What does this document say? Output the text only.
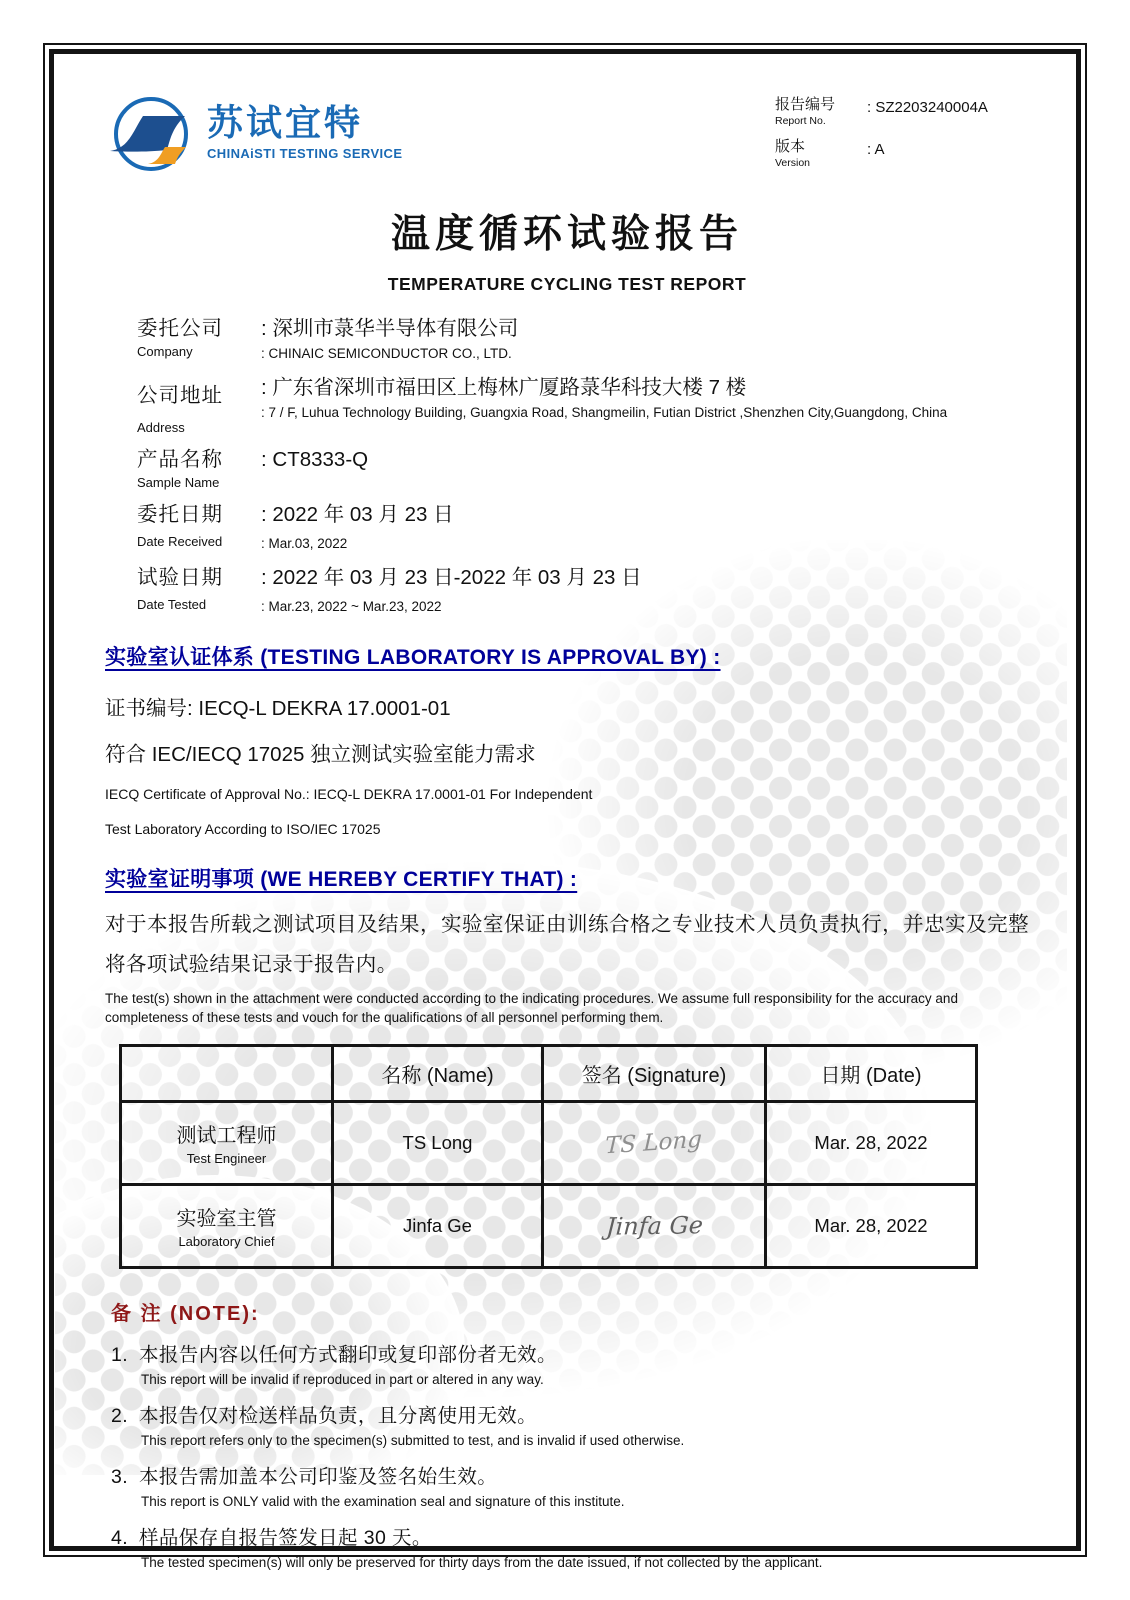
苏试宜特
CHINAiSTI TESTING SERVICE
报告编号
Report No.
: SZ2203240004A
版本
Version
: A
温度循环试验报告
TEMPERATURE CYCLING TEST REPORT
委托公司
Company
: 深圳市菉华半导体有限公司
: CHINAIC SEMICONDUCTOR CO., LTD.
公司地址
Address
: 广东省深圳市福田区上梅林广厦路菉华科技大楼 7 楼
: 7 / F, Luhua Technology Building, Guangxia Road, Shangmeilin, Futian District ,Shenzhen City,Guangdong, China
产品名称
Sample Name
: CT8333-Q
委托日期
Date Received
: 2022 年 03 月 23 日
: Mar.03, 2022
试验日期
Date Tested
: 2022 年 03 月 23 日-2022 年 03 月 23 日
: Mar.23, 2022 ~ Mar.23, 2022
实验室认证体系 (TESTING LABORATORY IS APPROVAL BY) :
证书编号: IECQ-L DEKRA 17.0001-01
符合 IEC/IECQ 17025 独立测试实验室能力需求
IECQ Certificate of Approval No.: IECQ-L DEKRA 17.0001-01 For Independent
Test Laboratory According to ISO/IEC 17025
实验室证明事项 (WE HEREBY CERTIFY THAT) :
对于本报告所载之测试项目及结果，实验室保证由训练合格之专业技术人员负责执行，并忠实及完整将各项试验结果记录于报告内。
The test(s) shown in the attachment were conducted according to the indicating procedures. We assume full responsibility for the accuracy and completeness of these tests and vouch for the qualifications of all personnel performing them.
	名称 (Name)	签名 (Signature)	日期 (Date)

测试工程师
Test Engineer	TS Long	TS Long	Mar. 28, 2022

实验室主管
Laboratory Chief	Jinfa Ge	Jinfa Ge	Mar. 28, 2022
备 注 (NOTE):
1. 本报告内容以任何方式翻印或复印部份者无效。
This report will be invalid if reproduced in part or altered in any way.
2. 本报告仅对检送样品负责，且分离使用无效。
This report refers only to the specimen(s) submitted to test, and is invalid if used otherwise.
3. 本报告需加盖本公司印鉴及签名始生效。
This report is ONLY valid with the examination seal and signature of this institute.
4. 样品保存自报告签发日起 30 天。
The tested specimen(s) will only be preserved for thirty days from the date issued, if not collected by the applicant.
